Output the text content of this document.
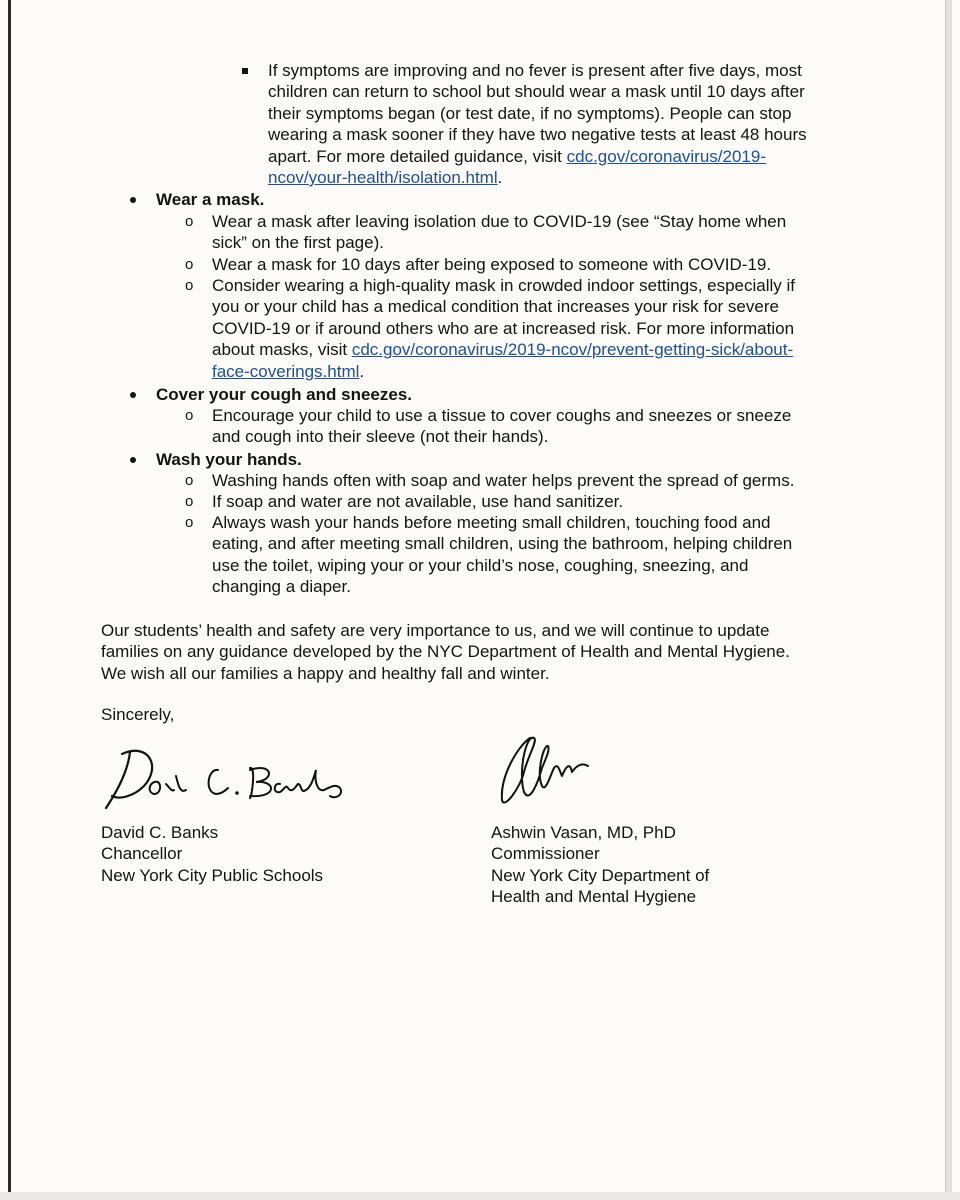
If symptoms are improving and no fever is present after five days, most
children can return to school but should wear a mask until 10 days after
their symptoms began (or test date, if no symptoms). People can stop
wearing a mask sooner if they have two negative tests at least 48 hours
apart. For more detailed guidance, visit cdc.gov/coronavirus/2019-
ncov/your-health/isolation.html.
Wear a mask.
o Wear a mask after leaving isolation due to COVID-19 (see “Stay home when
sick” on the first page).
o Wear a mask for 10 days after being exposed to someone with COVID-19.
o Consider wearing a high-quality mask in crowded indoor settings, especially if
you or your child has a medical condition that increases your risk for severe
COVID-19 or if around others who are at increased risk. For more information
about masks, visit cdc.gov/coronavirus/2019-ncov/prevent-getting-sick/about-
face-coverings.html.
Cover your cough and sneezes.
o Encourage your child to use a tissue to cover coughs and sneezes or sneeze
and cough into their sleeve (not their hands).
Wash your hands.
o Washing hands often with soap and water helps prevent the spread of germs.
o If soap and water are not available, use hand sanitizer.
o Always wash your hands before meeting small children, touching food and
eating, and after meeting small children, using the bathroom, helping children
use the toilet, wiping your or your child’s nose, coughing, sneezing, and
changing a diaper.
Our students’ health and safety are very importance to us, and we will continue to update
families on any guidance developed by the NYC Department of Health and Mental Hygiene.
We wish all our families a happy and healthy fall and winter.
Sincerely,
David C. Banks
Chancellor
New York City Public Schools
Ashwin Vasan, MD, PhD
Commissioner
New York City Department of
Health and Mental Hygiene
